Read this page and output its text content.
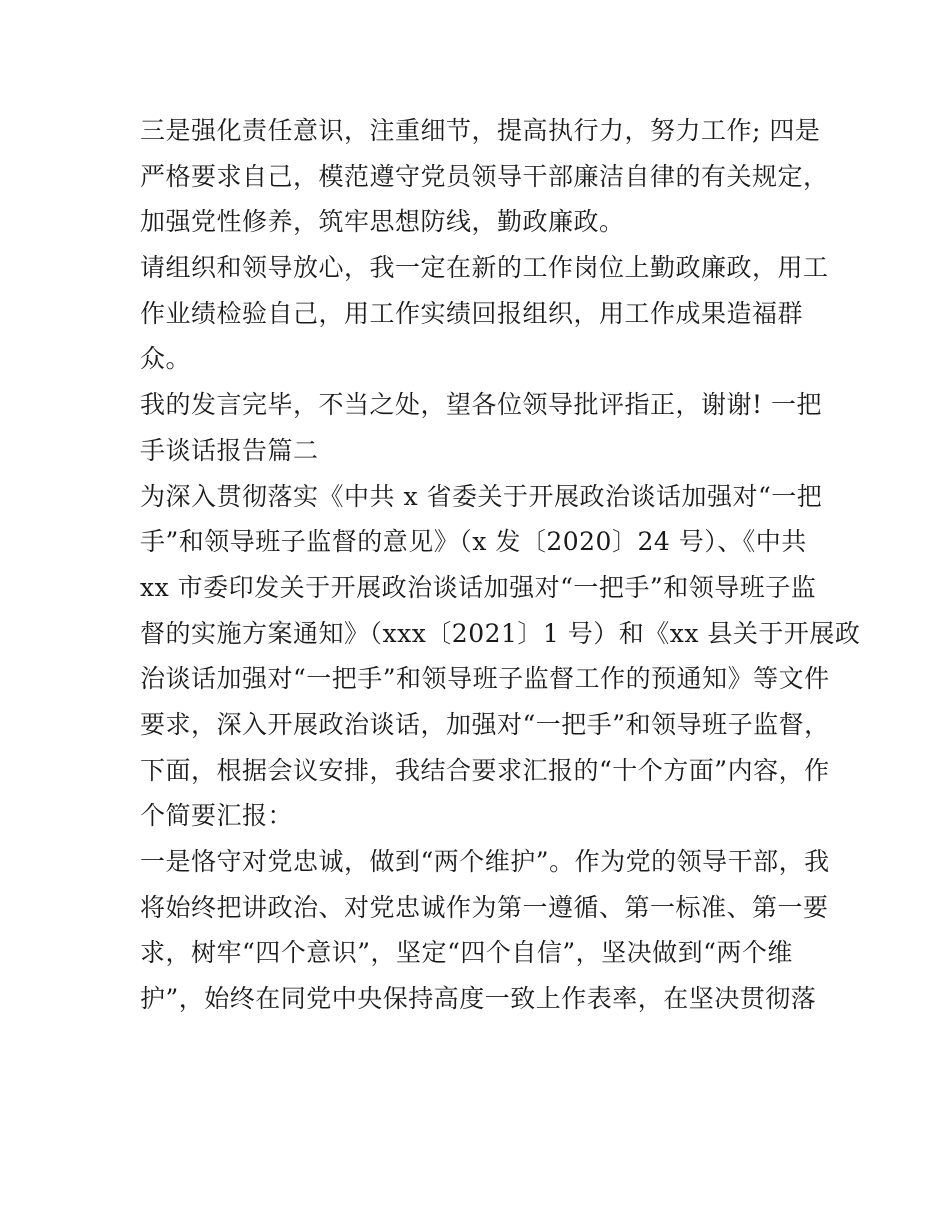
三是强化责任意识，注重细节，提高执行力，努力工作; 四是
严格要求自己，模范遵守党员领导干部廉洁自律的有关规定，
加强党性修养，筑牢思想防线，勤政廉政。
请组织和领导放心，我一定在新的工作岗位上勤政廉政，用工
作业绩检验自己，用工作实绩回报组织，用工作成果造福群
众。
我的发言完毕，不当之处，望各位领导批评指正，谢谢! 一把
手谈话报告篇二
为深入贯彻落实《中共 x 省委关于开展政治谈话加强对“一把
手”和领导班子监督的意见》（x 发〔2020〕24 号）、《中共
xx 市委印发关于开展政治谈话加强对“一把手”和领导班子监
督的实施方案通知》（xxx〔2021〕1 号）和《xx 县关于开展政
治谈话加强对“一把手”和领导班子监督工作的预通知》等文件
要求，深入开展政治谈话，加强对“一把手”和领导班子监督，
下面，根据会议安排，我结合要求汇报的“十个方面”内容，作
个简要汇报：
一是恪守对党忠诚，做到“两个维护”。作为党的领导干部，我
将始终把讲政治、对党忠诚作为第一遵循、第一标准、第一要
求，树牢“四个意识”，坚定“四个自信”，坚决做到“两个维
护”，始终在同党中央保持高度一致上作表率，在坚决贯彻落
